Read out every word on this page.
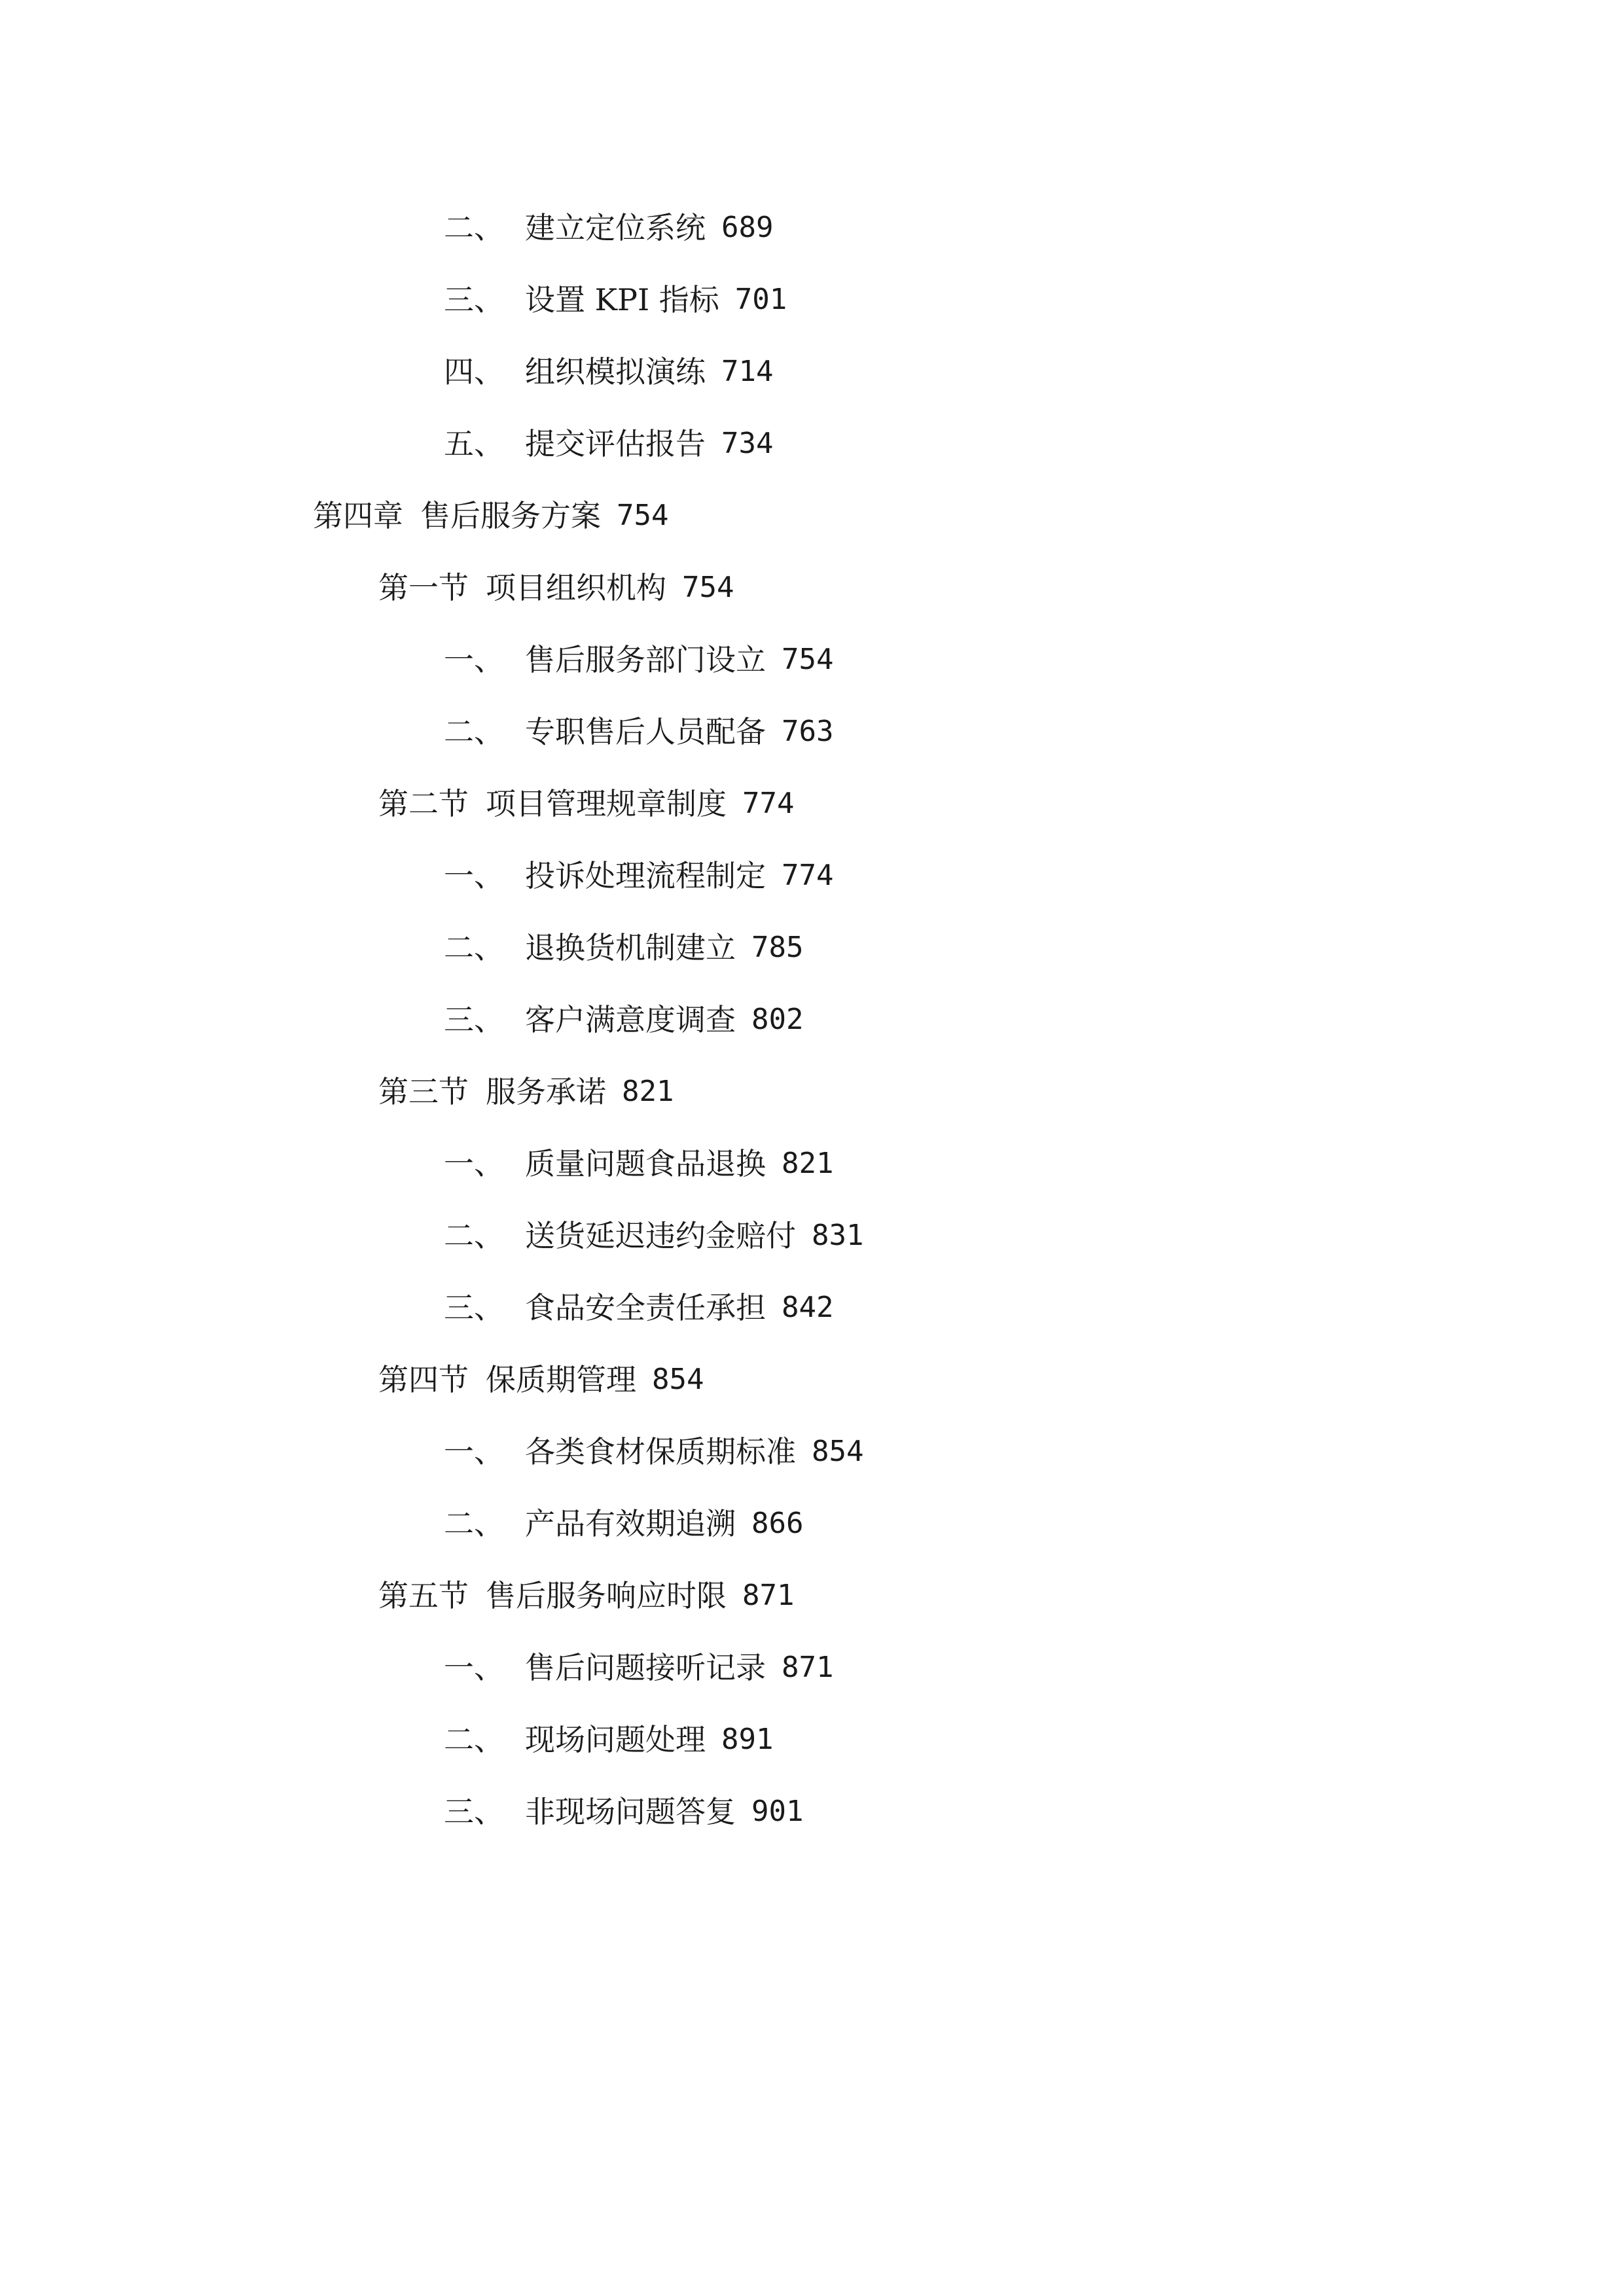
二、 建立定位系统 689
三、 设置 KPI 指标 701
四、 组织模拟演练 714
五、 提交评估报告 734
第四章 售后服务方案 754
第一节 项目组织机构 754
一、 售后服务部门设立 754
二、 专职售后人员配备 763
第二节 项目管理规章制度 774
一、 投诉处理流程制定 774
二、 退换货机制建立 785
三、 客户满意度调查 802
第三节 服务承诺 821
一、 质量问题食品退换 821
二、 送货延迟违约金赔付 831
三、 食品安全责任承担 842
第四节 保质期管理 854
一、 各类食材保质期标准 854
二、 产品有效期追溯 866
第五节 售后服务响应时限 871
一、 售后问题接听记录 871
二、 现场问题处理 891
三、 非现场问题答复 901
